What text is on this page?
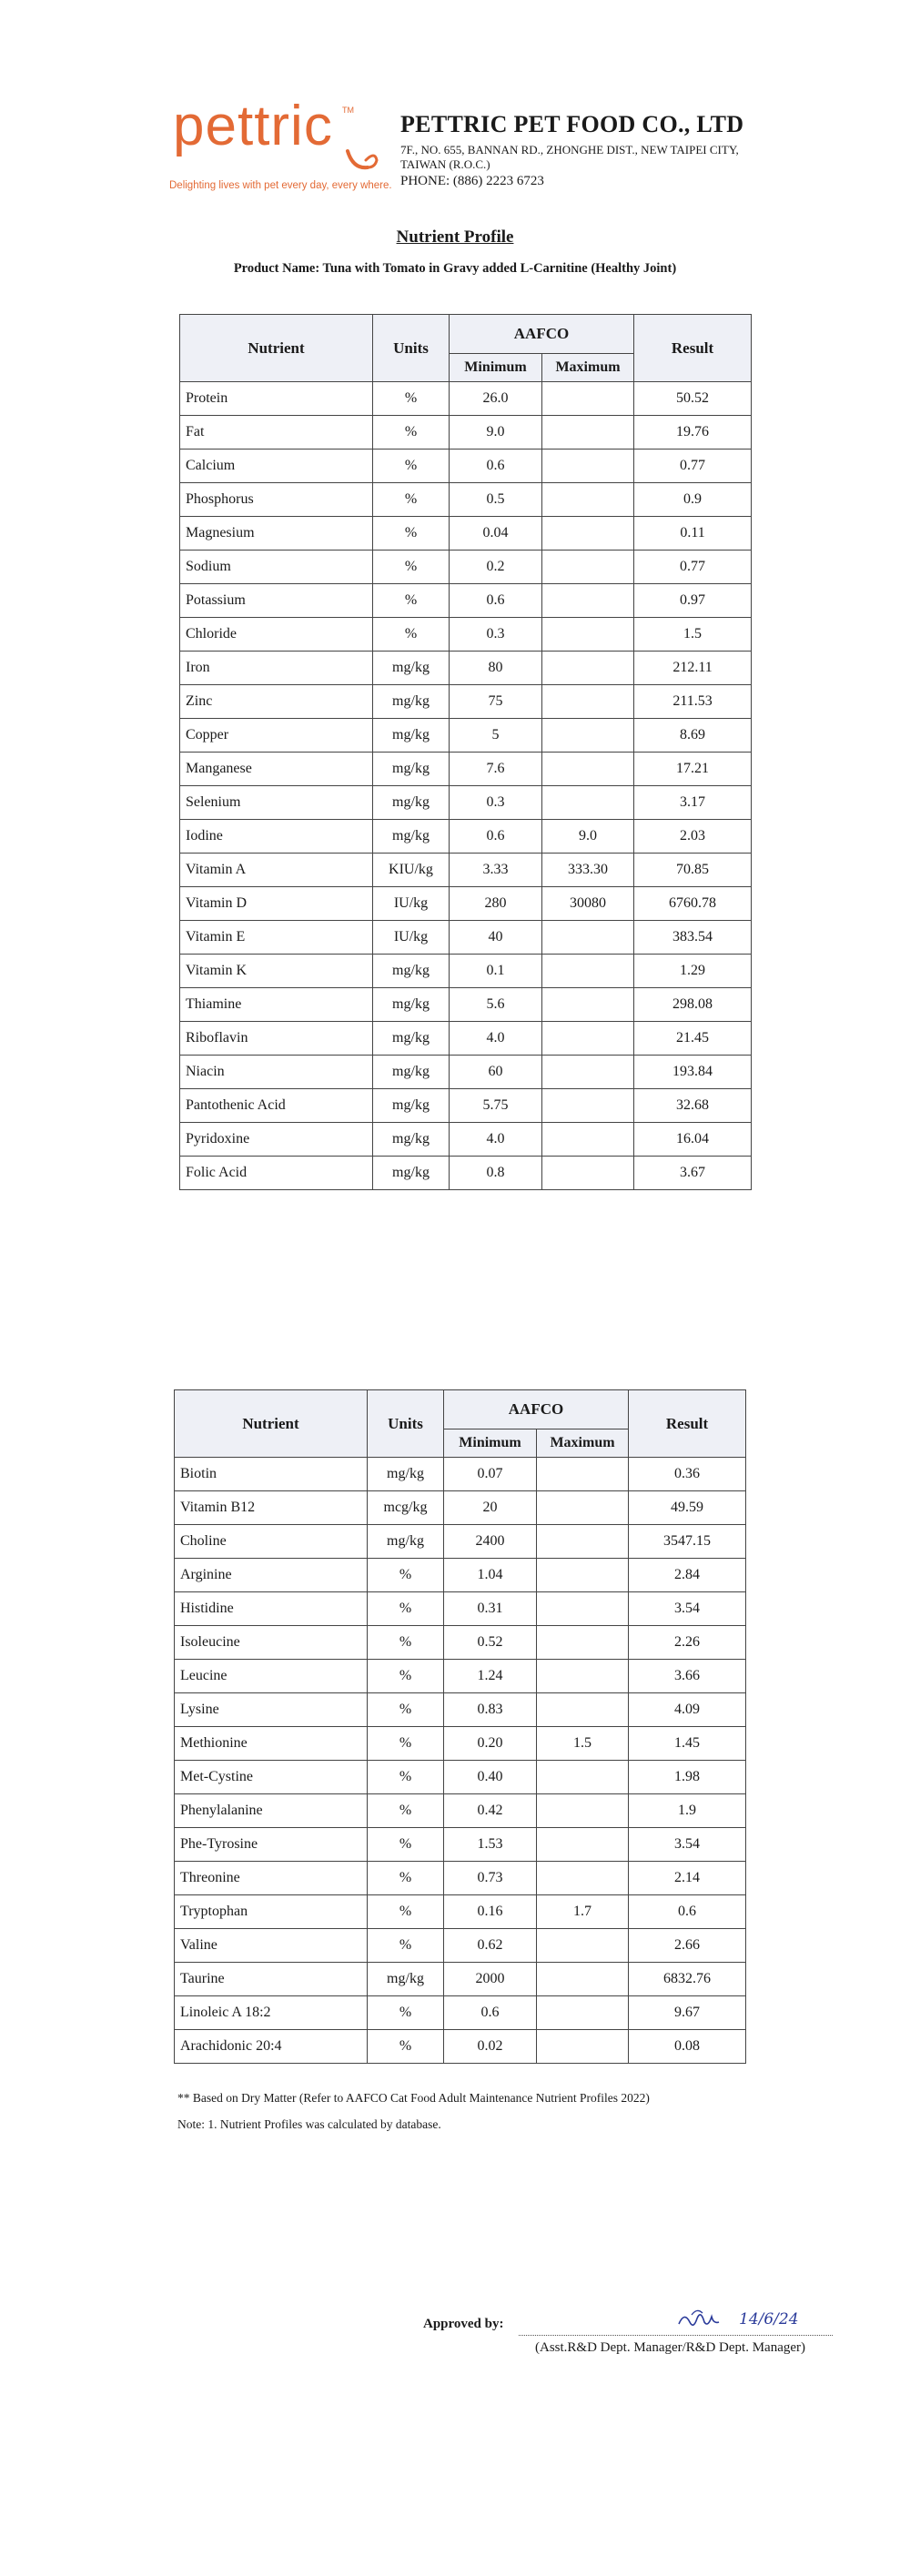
pettric TM
Delighting lives with pet every day, every where.
PETTRIC PET FOOD CO., LTD
7F., NO. 655, BANNAN RD., ZHONGHE DIST., NEW TAIPEI CITY,
TAIWAN (R.O.C.)
PHONE: (886) 2223 6723
Nutrient Profile
Product Name: Tuna with Tomato in Gravy added L-Carnitine (Healthy Joint)
Nutrient	Units	AAFCO		Result
		Minimum	Maximum	
Protein	%	26.0		50.52
Fat	%	9.0		19.76
Calcium	%	0.6		0.77
Phosphorus	%	0.5		0.9
Magnesium	%	0.04		0.11
Sodium	%	0.2		0.77
Potassium	%	0.6		0.97
Chloride	%	0.3		1.5
Iron	mg/kg	80		212.11
Zinc	mg/kg	75		211.53
Copper	mg/kg	5		8.69
Manganese	mg/kg	7.6		17.21
Selenium	mg/kg	0.3		3.17
Iodine	mg/kg	0.6	9.0	2.03
Vitamin A	KIU/kg	3.33	333.30	70.85
Vitamin D	IU/kg	280	30080	6760.78
Vitamin E	IU/kg	40		383.54
Vitamin K	mg/kg	0.1		1.29
Thiamine	mg/kg	5.6		298.08
Riboflavin	mg/kg	4.0		21.45
Niacin	mg/kg	60		193.84
Pantothenic Acid	mg/kg	5.75		32.68
Pyridoxine	mg/kg	4.0		16.04
Folic Acid	mg/kg	0.8		3.67
Nutrient	Units	AAFCO		Result
		Minimum	Maximum	
Biotin	mg/kg	0.07		0.36
Vitamin B12	mcg/kg	20		49.59
Choline	mg/kg	2400		3547.15
Arginine	%	1.04		2.84
Histidine	%	0.31		3.54
Isoleucine	%	0.52		2.26
Leucine	%	1.24		3.66
Lysine	%	0.83		4.09
Methionine	%	0.20	1.5	1.45
Met-Cystine	%	0.40		1.98
Phenylalanine	%	0.42		1.9
Phe-Tyrosine	%	1.53		3.54
Threonine	%	0.73		2.14
Tryptophan	%	0.16	1.7	0.6
Valine	%	0.62		2.66
Taurine	mg/kg	2000		6832.76
Linoleic A 18:2	%	0.6		9.67
Arachidonic 20:4	%	0.02		0.08
** Based on Dry Matter (Refer to AAFCO Cat Food Adult Maintenance Nutrient Profiles 2022)
Note: 1. Nutrient Profiles was calculated by database.
Approved by:	14/6/24
(Asst.R&D Dept. Manager/R&D Dept. Manager)
